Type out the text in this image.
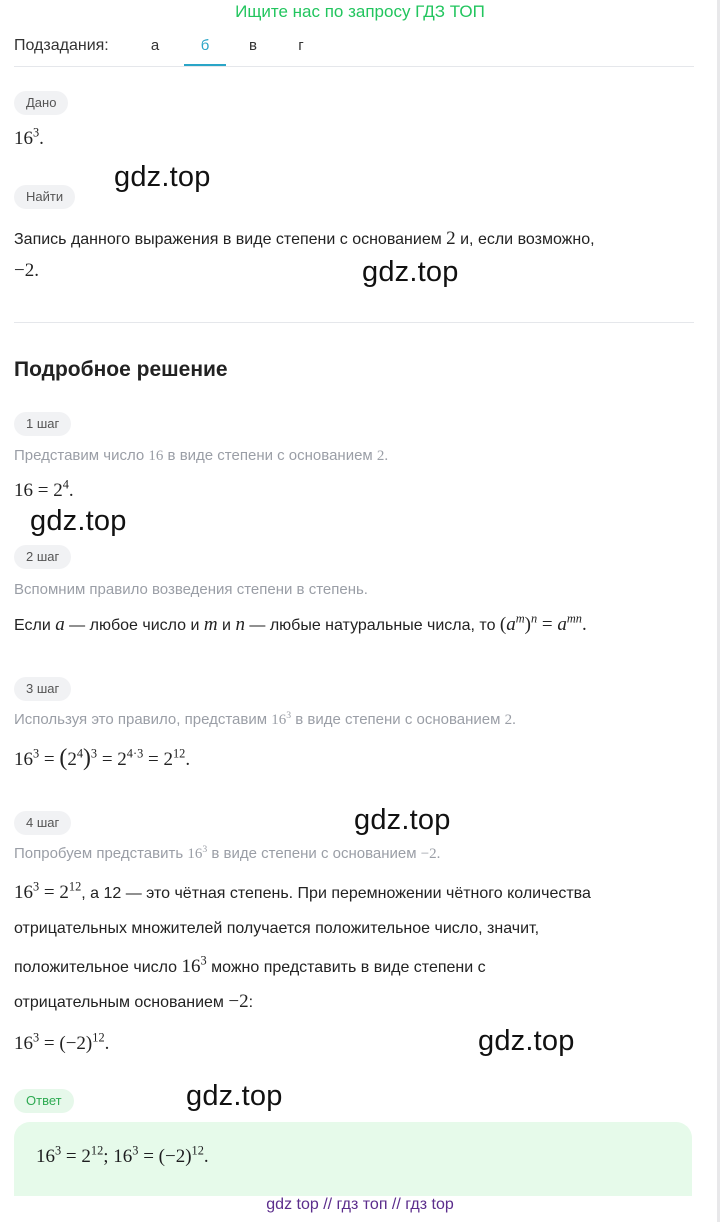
Ищите нас по запросу ГДЗ ТОП
Подзадания:	а	б	в	г
Дано
$16^3$.
Найти
Запись данного выражения в виде степени с основанием 2 и, если возможно,
−2.
Подробное решение
1 шаг
Представим число 16 в виде степени с основанием 2.
$16 = 2^4$.
2 шаг
Вспомним правило возведения степени в степень.
Если a — любое число и m и n — любые натуральные числа, то $(a^m)^n = a^{mn}$.
3 шаг
Используя это правило, представим $16^3$ в виде степени с основанием 2.
$16^3 = (2^4)^3 = 2^{4\cdot 3} = 2^{12}$.
4 шаг
Попробуем представить $16^3$ в виде степени с основанием −2.
$16^3 = 2^{12}$, а 12 — это чётная степень. При перемножении чётного количества
отрицательных множителей получается положительное число, значит,
положительное число $16^3$ можно представить в виде степени с
отрицательным основанием −2:
$16^3 = (-2)^{12}$.
Ответ
$16^3 = 2^{12}$; $16^3 = (-2)^{12}$.
gdz.top
gdz.top
gdz.top
gdz.top
gdz.top
gdz.top
gdz top // гдз топ // гдз top
